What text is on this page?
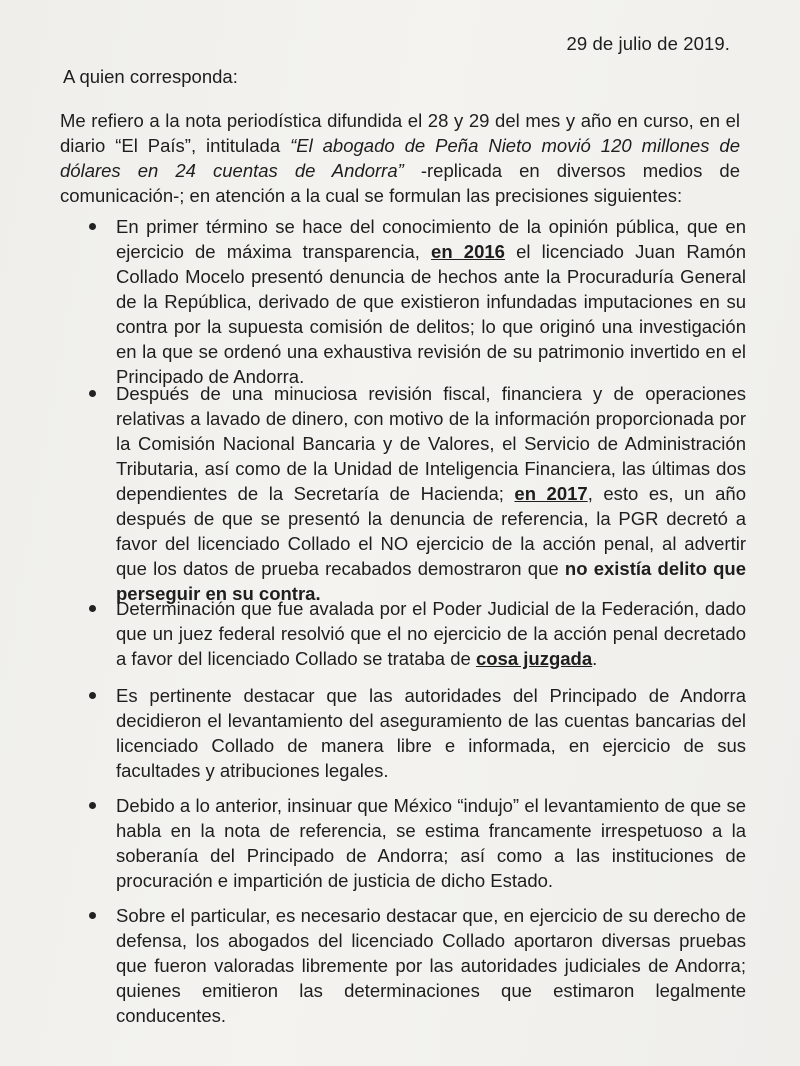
29 de julio de 2019.
A quien corresponda:
Me refiero a la nota periodística difundida el 28 y 29 del mes y año en curso, en el diario “El País”, intitulada “El abogado de Peña Nieto movió 120 millones de dólares en 24 cuentas de Andorra” -replicada en diversos medios de comunicación-; en atención a la cual se formulan las precisiones siguientes:
En primer término se hace del conocimiento de la opinión pública, que en ejercicio de máxima transparencia, en 2016 el licenciado Juan Ramón Collado Mocelo presentó denuncia de hechos ante la Procuraduría General de la República, derivado de que existieron infundadas imputaciones en su contra por la supuesta comisión de delitos; lo que originó una investigación en la que se ordenó una exhaustiva revisión de su patrimonio invertido en el Principado de Andorra.
Después de una minuciosa revisión fiscal, financiera y de operaciones relativas a lavado de dinero, con motivo de la información proporcionada por la Comisión Nacional Bancaria y de Valores, el Servicio de Administración Tributaria, así como de la Unidad de Inteligencia Financiera, las últimas dos dependientes de la Secretaría de Hacienda; en 2017, esto es, un año después de que se presentó la denuncia de referencia, la PGR decretó a favor del licenciado Collado el NO ejercicio de la acción penal, al advertir que los datos de prueba recabados demostraron que no existía delito que perseguir en su contra.
Determinación que fue avalada por el Poder Judicial de la Federación, dado que un juez federal resolvió que el no ejercicio de la acción penal decretado a favor del licenciado Collado se trataba de cosa juzgada.
Es pertinente destacar que las autoridades del Principado de Andorra decidieron el levantamiento del aseguramiento de las cuentas bancarias del licenciado Collado de manera libre e informada, en ejercicio de sus facultades y atribuciones legales.
Debido a lo anterior, insinuar que México “indujo” el levantamiento de que se habla en la nota de referencia, se estima francamente irrespetuoso a la soberanía del Principado de Andorra; así como a las instituciones de procuración e impartición de justicia de dicho Estado.
Sobre el particular, es necesario destacar que, en ejercicio de su derecho de defensa, los abogados del licenciado Collado aportaron diversas pruebas que fueron valoradas libremente por las autoridades judiciales de Andorra; quienes emitieron las determinaciones que estimaron legalmente conducentes.
